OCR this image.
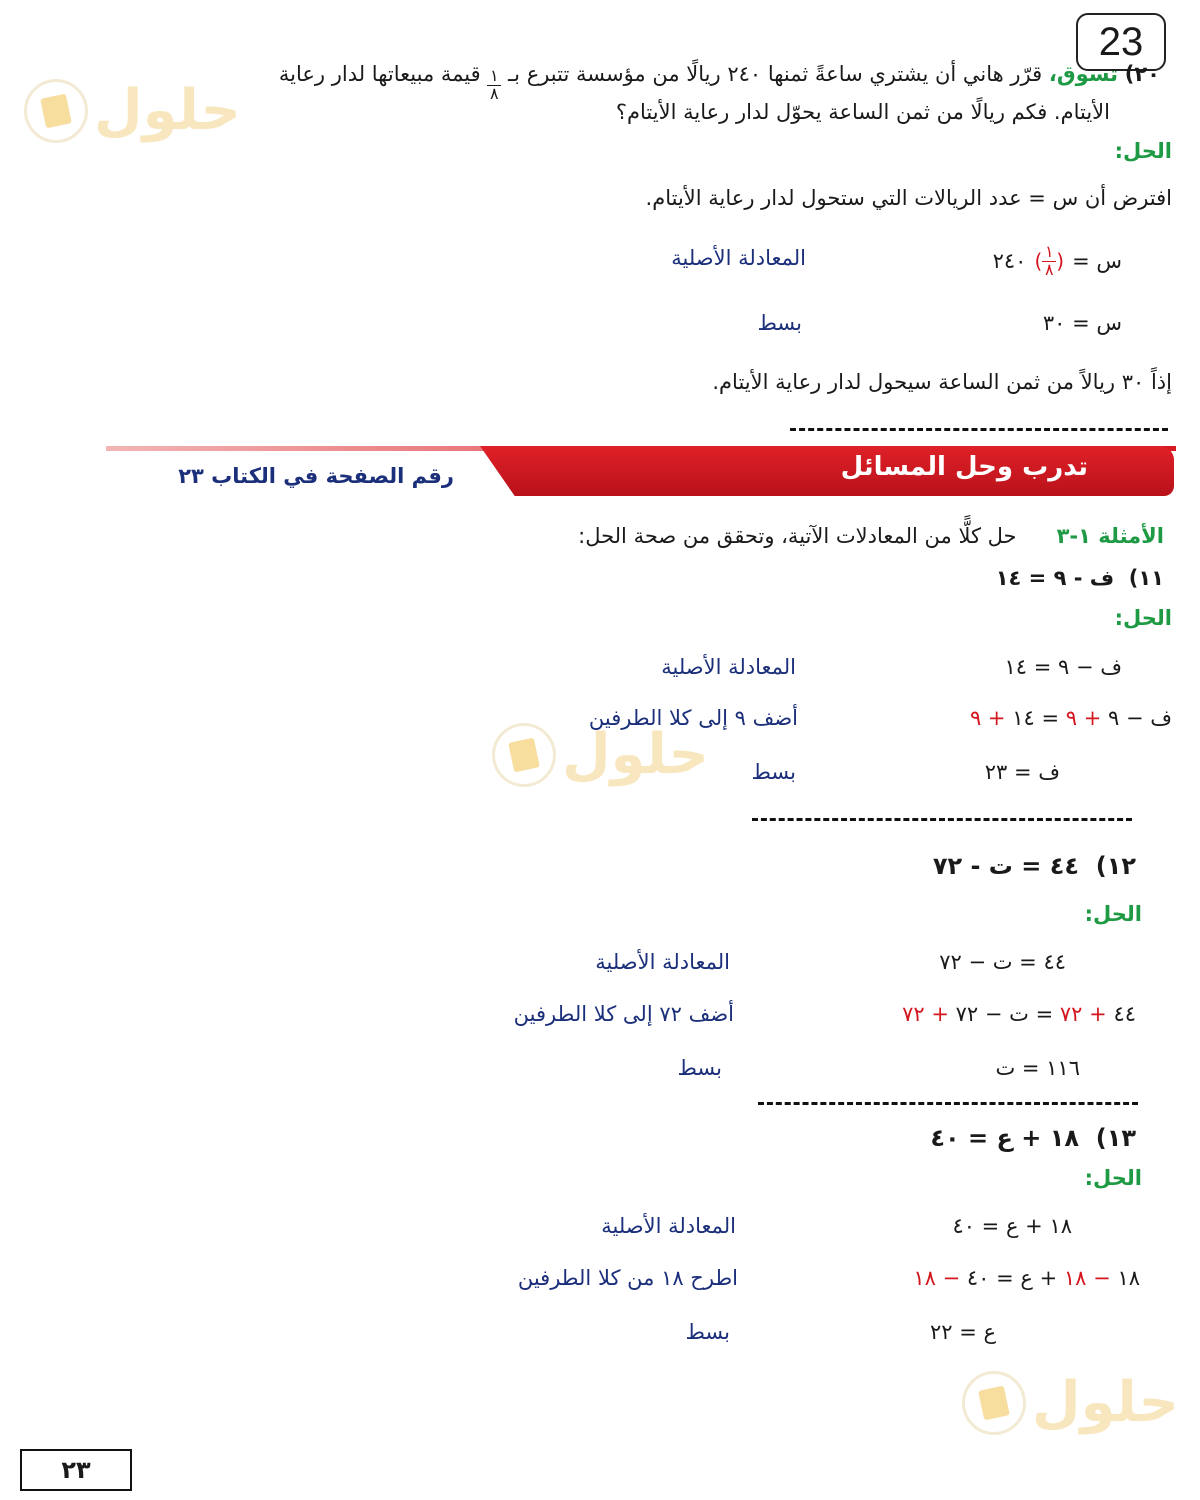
23
٢٠) تسوق، قرّر هاني أن يشتري ساعةً ثمنها ٢٤٠ ريالًا من مؤسسة تتبرع بـ
$\frac{١}{٨}$
قيمة مبيعاتها لدار رعاية
الأيتام. فكم ريالًا من ثمن الساعة يحوّل لدار رعاية الأيتام؟
الحل:
افترض أن س = عدد الريالات التي ستحول لدار رعاية الأيتام.
س =
(
$\frac{١}{٨}$
)
٢٤٠
المعادلة الأصلية
س = ٣٠
بسط
إذاً ٣٠ ريالاً من ثمن الساعة سيحول لدار رعاية الأيتام.
تدرب وحل المسائل
رقم الصفحة في الكتاب ٢٣
الأمثلة ١-٣      حل كلًّا من المعادلات الآتية، وتحقق من صحة الحل:
١١)  ف - ٩ = ١٤
الحل:
ف − ٩ = ١٤
المعادلة الأصلية
ف − ٩ + ٩ = ١٤ + ٩
أضف ٩ إلى كلا الطرفين
ف = ٢٣
بسط
١٢)  ٤٤ = ت - ٧٢
الحل:
٤٤ = ت − ٧٢
المعادلة الأصلية
٤٤ + ٧٢ = ت − ٧٢ + ٧٢
أضف ٧٢ إلى كلا الطرفين
١١٦ = ت
بسط
١٣)  ١٨ + ع = ٤٠
الحل:
١٨ + ع = ٤٠
المعادلة الأصلية
١٨ − ١٨ + ع = ٤٠ − ١٨
اطرح ١٨ من كلا الطرفين
ع = ٢٢
بسط
٢٣
حلول
حلول
حلول
